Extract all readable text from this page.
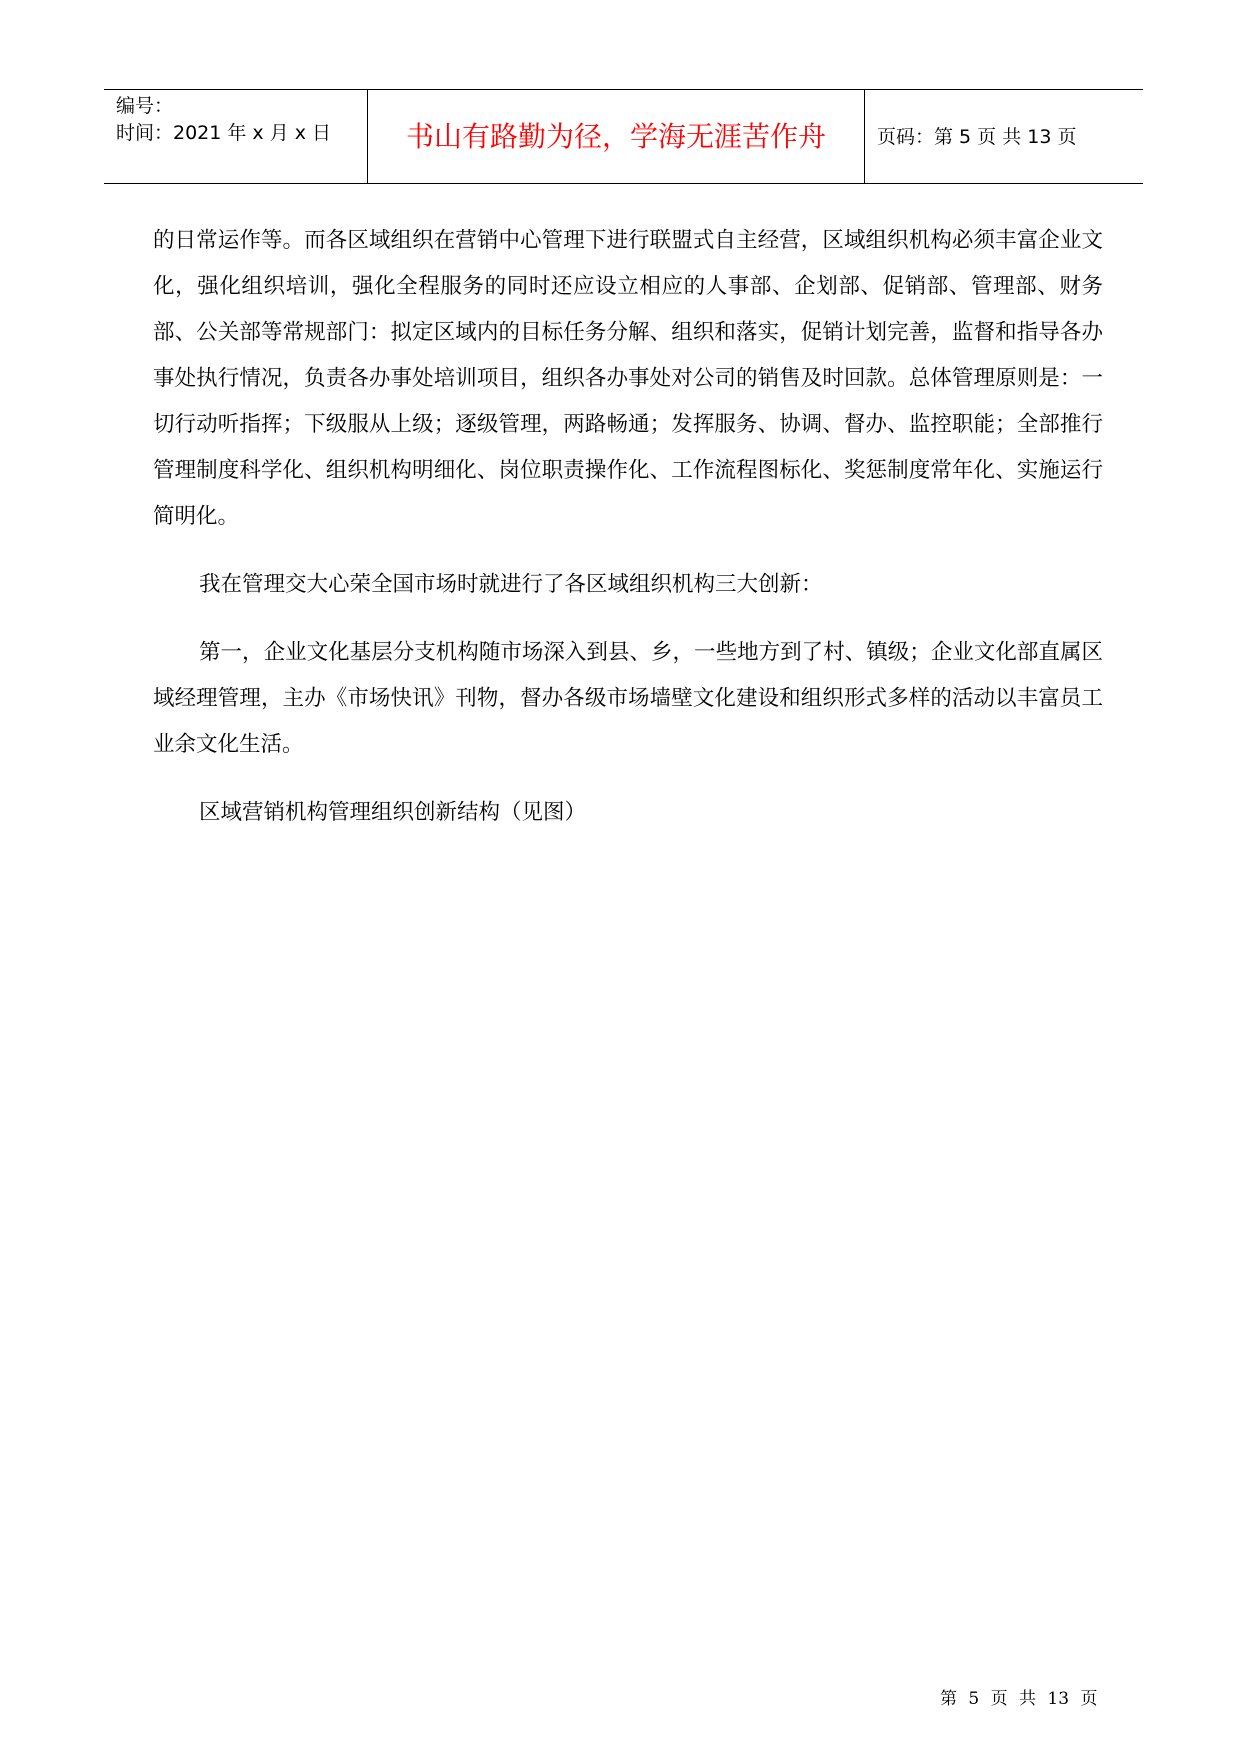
编号：
时间：2021 年 x 月 x 日	书山有路勤为径，学海无涯苦作舟	页码：第 5 页 共 13 页

的日常运作等。而各区域组织在营销中心管理下进行联盟式自主经营，区域组织机构必须丰富企业文化，强化组织培训，强化全程服务的同时还应设立相应的人事部、企划部、促销部、管理部、财务部、公关部等常规部门：拟定区域内的目标任务分解、组织和落实，促销计划完善，监督和指导各办事处执行情况，负责各办事处培训项目，组织各办事处对公司的销售及时回款。总体管理原则是：一切行动听指挥；下级服从上级；逐级管理，两路畅通；发挥服务、协调、督办、监控职能；全部推行管理制度科学化、组织机构明细化、岗位职责操作化、工作流程图标化、奖惩制度常年化、实施运行简明化。

我在管理交大心荣全国市场时就进行了各区域组织机构三大创新：

第一，企业文化基层分支机构随市场深入到县、乡，一些地方到了村、镇级；企业文化部直属区域经理管理，主办《市场快讯》刊物，督办各级市场墙壁文化建设和组织形式多样的活动以丰富员工业余文化生活。

区域营销机构管理组织创新结构（见图）

第 5 页 共 13 页
